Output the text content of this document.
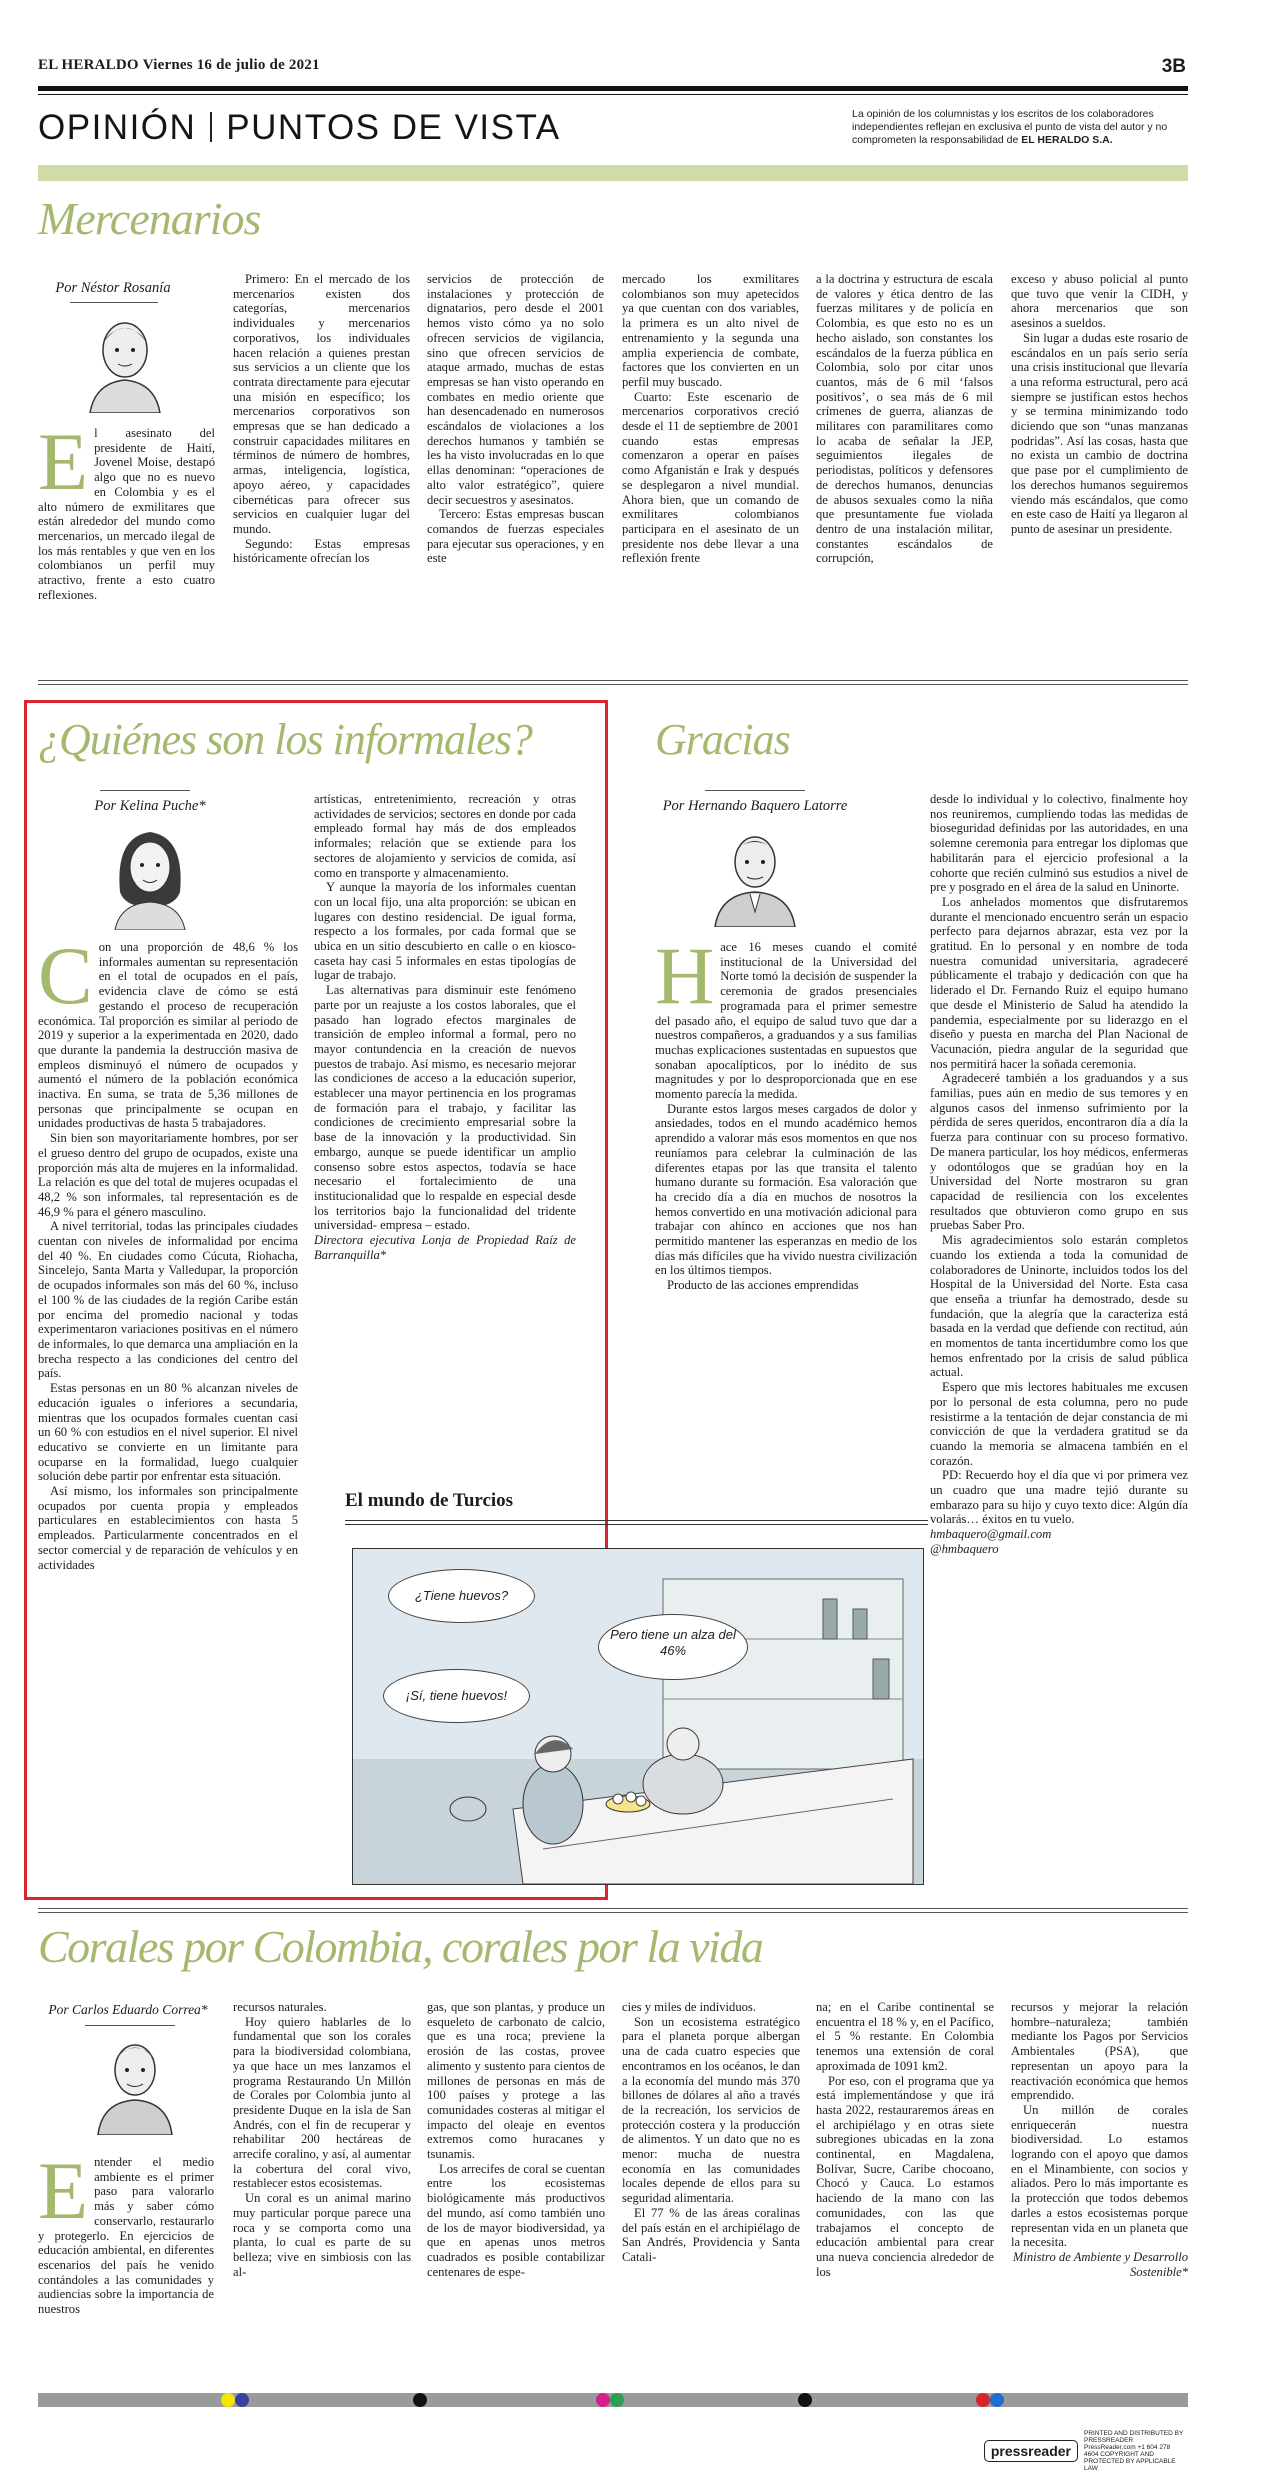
EL HERALDO Viernes 16 de julio de 2021	3B
OPINIÓN PUNTOS DE VISTA	La opinión de los columnistas y los escritos de los colaboradores independientes reflejan en exclusiva el punto de vista del autor y no comprometen la responsabilidad de EL HERALDO S.A.
Mercenarios
Por Néstor Rosanía
El asesinato del presidente de Haití, Jovenel Moise, destapó algo que no es nuevo en Colombia y es el alto número de exmilitares que están alrededor del mundo como mercenarios, un mercado ilegal de los más rentables y que ven en los colombianos un perfil muy atractivo, frente a esto cuatro reflexiones.

Primero: En el mercado de los mercenarios existen dos categorías, mercenarios individuales y mercenarios corporativos, los individuales hacen relación a quienes prestan sus servicios a un cliente que los contrata directamente para ejecutar una misión en específico; los mercenarios corporativos son empresas que se han dedicado a construir capacidades militares en términos de número de hombres, armas, inteligencia, logística, apoyo aéreo, y capacidades cibernéticas para ofrecer sus servicios en cualquier lugar del mundo.

Segundo: Estas empresas históricamente ofrecían los

servicios de protección de instalaciones y protección de dignatarios, pero desde el 2001 hemos visto cómo ya no solo ofrecen servicios de vigilancia, sino que ofrecen servicios de ataque armado, muchas de estas empresas se han visto operando en combates en medio oriente que han desencadenado en numerosos escándalos de violaciones a los derechos humanos y también se les ha visto involucradas en lo que ellas denominan: “operaciones de alto valor estratégico”, quiere decir secuestros y asesinatos.

Tercero: Estas empresas buscan comandos de fuerzas especiales para ejecutar sus operaciones, y en este

mercado los exmilitares colombianos son muy apetecidos ya que cuentan con dos variables, la primera es un alto nivel de entrenamiento y la segunda una amplia experiencia de combate, factores que los convierten en un perfil muy buscado.

Cuarto: Este escenario de mercenarios corporativos creció desde el 11 de septiembre de 2001 cuando estas empresas comenzaron a operar en países como Afganistán e Irak y después se desplegaron a nivel mundial. Ahora bien, que un comando de exmilitares colombianos participara en el asesinato de un presidente nos debe llevar a una reflexión frente

a la doctrina y estructura de escala de valores y ética dentro de las fuerzas militares y de policía en Colombia, es que esto no es un hecho aislado, son constantes los escándalos de la fuerza pública en Colombia, solo por citar unos cuantos, más de 6 mil ‘falsos positivos’, o sea más de 6 mil crímenes de guerra, alianzas de militares con paramilitares como lo acaba de señalar la JEP, seguimientos ilegales de periodistas, políticos y defensores de derechos humanos, denuncias de abusos sexuales como la niña que presuntamente fue violada dentro de una instalación militar, constantes escándalos de corrupción,

exceso y abuso policial al punto que tuvo que venir la CIDH, y ahora mercenarios que son asesinos a sueldos.

Sin lugar a dudas este rosario de escándalos en un país serio sería una crisis institucional que llevaría a una reforma estructural, pero acá siempre se justifican estos hechos y se termina minimizando todo diciendo que son “unas manzanas podridas”. Así las cosas, hasta que no exista un cambio de doctrina que pase por el cumplimiento de los derechos humanos seguiremos viendo más escándalos, que como en este caso de Haití ya llegaron al punto de asesinar un presidente.

¿Quiénes son los informales?
Por Kelina Puche*
Con una proporción de 48,6 % los informales aumentan su representación en el total de ocupados en el país, evidencia clave de cómo se está gestando el proceso de recuperación económica. Tal proporción es similar al periodo de 2019 y superior a la experimentada en 2020, dado que durante la pandemia la destrucción masiva de empleos disminuyó el número de ocupados y aumentó el número de la población económica inactiva. En suma, se trata de 5,36 millones de personas que principalmente se ocupan en unidades productivas de hasta 5 trabajadores.

Sin bien son mayoritariamente hombres, por ser el grueso dentro del grupo de ocupados, existe una proporción más alta de mujeres en la informalidad. La relación es que del total de mujeres ocupadas el 48,2 % son informales, tal representación es de 46,9 % para el género masculino.

A nivel territorial, todas las principales ciudades cuentan con niveles de informalidad por encima del 40 %. En ciudades como Cúcuta, Riohacha, Sincelejo, Santa Marta y Valledupar, la proporción de ocupados informales son más del 60 %, incluso el 100 % de las ciudades de la región Caribe están por encima del promedio nacional y todas experimentaron variaciones positivas en el número de informales, lo que demarca una ampliación en la brecha respecto a las condiciones del centro del país.

Estas personas en un 80 % alcanzan niveles de educación iguales o inferiores a secundaria, mientras que los ocupados formales cuentan casi un 60 % con estudios en el nivel superior. El nivel educativo se convierte en un limitante para ocuparse en la formalidad, luego cualquier solución debe partir por enfrentar esta situación.

Así mismo, los informales son principalmente ocupados por cuenta propia y empleados particulares en establecimientos con hasta 5 empleados. Particularmente concentrados en el sector comercial y de reparación de vehículos y en actividades

artísticas, entretenimiento, recreación y otras actividades de servicios; sectores en donde por cada empleado formal hay más de dos empleados informales; relación que se extiende para los sectores de alojamiento y servicios de comida, así como en transporte y almacenamiento.

Y aunque la mayoría de los informales cuentan con un local fijo, una alta proporción: se ubican en lugares con destino residencial. De igual forma, respecto a los formales, por cada formal que se ubica en un sitio descubierto en calle o en kiosco-caseta hay casi 5 informales en estas tipologías de lugar de trabajo.

Las alternativas para disminuir este fenómeno parte por un reajuste a los costos laborales, que el pasado han logrado efectos marginales de transición de empleo informal a formal, pero no mayor contundencia en la creación de nuevos puestos de trabajo. Así mismo, es necesario mejorar las condiciones de acceso a la educación superior, establecer una mayor pertinencia en los programas de formación para el trabajo, y facilitar las condiciones de crecimiento empresarial sobre la base de la innovación y la productividad. Sin embargo, aunque se puede identificar un amplio consenso sobre estos aspectos, todavía se hace necesario el fortalecimiento de una institucionalidad que lo respalde en especial desde los territorios bajo la funcionalidad del tridente universidad- empresa – estado.

Directora ejecutiva Lonja de Propiedad Raíz de Barranquilla*

El mundo de Turcios
¿Tiene huevos?
¡Sí, tiene huevos!
Pero tiene un alza del 46%
Gracias
Por Hernando Baquero Latorre
Hace 16 meses cuando el comité institucional de la Universidad del Norte tomó la decisión de suspender la ceremonia de grados presenciales programada para el primer semestre del pasado año, el equipo de salud tuvo que dar a nuestros compañeros, a graduandos y a sus familias muchas explicaciones sustentadas en supuestos que sonaban apocalípticos, por lo inédito de sus magnitudes y por lo desproporcionada que en ese momento parecía la medida.

Durante estos largos meses cargados de dolor y ansiedades, todos en el mundo académico hemos aprendido a valorar más esos momentos en que nos reuníamos para celebrar la culminación de las diferentes etapas por las que transita el talento humano durante su formación. Esa valoración que ha crecido día a día en muchos de nosotros la hemos convertido en una motivación adicional para trabajar con ahínco en acciones que nos han permitido mantener las esperanzas en medio de los días más difíciles que ha vivido nuestra civilización en los últimos tiempos.

Producto de las acciones emprendidas

desde lo individual y lo colectivo, finalmente hoy nos reuniremos, cumpliendo todas las medidas de bioseguridad definidas por las autoridades, en una solemne ceremonia para entregar los diplomas que habilitarán para el ejercicio profesional a la cohorte que recién culminó sus estudios a nivel de pre y posgrado en el área de la salud en Uninorte.

Los anhelados momentos que disfrutaremos durante el mencionado encuentro serán un espacio perfecto para dejarnos abrazar, esta vez por la gratitud. En lo personal y en nombre de toda nuestra comunidad universitaria, agradeceré públicamente el trabajo y dedicación con que ha liderado el Dr. Fernando Ruiz el equipo humano que desde el Ministerio de Salud ha atendido la pandemia, especialmente por su liderazgo en el diseño y puesta en marcha del Plan Nacional de Vacunación, piedra angular de la seguridad que nos permitirá hacer la soñada ceremonia.

Agradeceré también a los graduandos y a sus familias, pues aún en medio de sus temores y en algunos casos del inmenso sufrimiento por la pérdida de seres queridos, encontraron día a día la fuerza para continuar con su proceso formativo. De manera particular, los hoy médicos, enfermeras y odontólogos que se gradúan hoy en la Universidad del Norte mostraron su gran capacidad de resiliencia con los excelentes resultados que obtuvieron como grupo en sus pruebas Saber Pro.

Mis agradecimientos solo estarán completos cuando los extienda a toda la comunidad de colaboradores de Uninorte, incluidos todos los del Hospital de la Universidad del Norte. Esta casa que enseña a triunfar ha demostrado, desde su fundación, que la alegría que la caracteriza está basada en la verdad que defiende con rectitud, aún en momentos de tanta incertidumbre como los que hemos enfrentado por la crisis de salud pública actual.

Espero que mis lectores habituales me excusen por lo personal de esta columna, pero no pude resistirme a la tentación de dejar constancia de mi convicción de que la verdadera gratitud se da cuando la memoria se almacena también en el corazón.

PD: Recuerdo hoy el día que vi por primera vez un cuadro que una madre tejió durante su embarazo para su hijo y cuyo texto dice: Algún día volarás… éxitos en tu vuelo.

hmbaquero@gmail.com

@hmbaquero

Corales por Colombia, corales por la vida
Por Carlos Eduardo Correa*
Entender el medio ambiente es el primer paso para valorarlo más y saber cómo conservarlo, restaurarlo y protegerlo. En ejercicios de educación ambiental, en diferentes escenarios del país he venido contándoles a las comunidades y audiencias sobre la importancia de nuestros

recursos naturales.

Hoy quiero hablarles de lo fundamental que son los corales para la biodiversidad colombiana, ya que hace un mes lanzamos el programa Restaurando Un Millón de Corales por Colombia junto al presidente Duque en la isla de San Andrés, con el fin de recuperar y rehabilitar 200 hectáreas de arrecife coralino, y así, al aumentar la cobertura del coral vivo, restablecer estos ecosistemas.

Un coral es un animal marino muy particular porque parece una roca y se comporta como una planta, lo cual es parte de su belleza; vive en simbiosis con las al-

gas, que son plantas, y produce un esqueleto de carbonato de calcio, que es una roca; previene la erosión de las costas, provee alimento y sustento para cientos de millones de personas en más de 100 países y protege a las comunidades costeras al mitigar el impacto del oleaje en eventos extremos como huracanes y tsunamis.

Los arrecifes de coral se cuentan entre los ecosistemas biológicamente más productivos del mundo, así como también uno de los de mayor biodiversidad, ya que en apenas unos metros cuadrados es posible contabilizar centenares de espe-

cies y miles de individuos.

Son un ecosistema estratégico para el planeta porque albergan una de cada cuatro especies que encontramos en los océanos, le dan a la economía del mundo más 370 billones de dólares al año a través de la recreación, los servicios de protección costera y la producción de alimentos. Y un dato que no es menor: mucha de nuestra economía en las comunidades locales depende de ellos para su seguridad alimentaria.

El 77 % de las áreas coralinas del país están en el archipiélago de San Andrés, Providencia y Santa Catali-

na; en el Caribe continental se encuentra el 18 % y, en el Pacífico, el 5 % restante. En Colombia tenemos una extensión de coral aproximada de 1091 km2.

Por eso, con el programa que ya está implementándose y que irá hasta 2022, restauraremos áreas en el archipiélago y en otras siete subregiones ubicadas en la zona continental, en Magdalena, Bolívar, Sucre, Caribe chocoano, Chocó y Cauca. Lo estamos haciendo de la mano con las comunidades, con las que trabajamos el concepto de educación ambiental para crear una nueva conciencia alrededor de los

recursos y mejorar la relación hombre–naturaleza; también mediante los Pagos por Servicios Ambientales (PSA), que representan un apoyo para la reactivación económica que hemos emprendido.

Un millón de corales enriquecerán nuestra biodiversidad. Lo estamos logrando con el apoyo que damos en el Minambiente, con socios y aliados. Pero lo más importante es la protección que todos debemos darles a estos ecosistemas porque representan vida en un planeta que la necesita.

Ministro de Ambiente y Desarrollo Sostenible*

pressreader
PRINTED AND DISTRIBUTED BY PRESSREADER PressReader.com +1 604 278 4604 COPYRIGHT AND PROTECTED BY APPLICABLE LAW
